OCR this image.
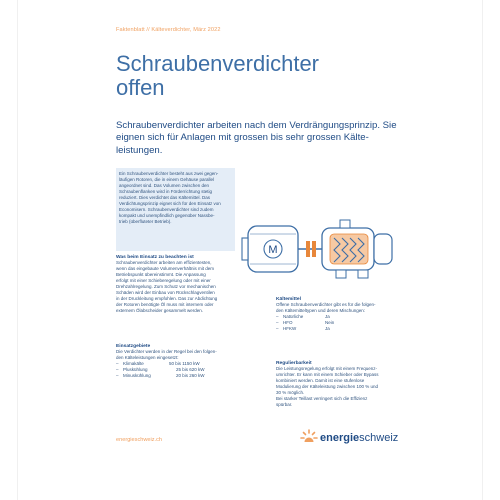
Faktenblatt // Kälteverdichter, März 2022
Schraubenverdichter
offen
Schraubenverdichter arbeiten nach dem Verdrängungsprinzip. Sie eignen sich für Anlagen mit grossen bis sehr grossen Kälte-leistungen.
Ein Schraubenverdichter besteht aus zwei gegen-
läufigen Rotoren, die in einem Gehäuse parallel
angeordnet sind. Das Volumen zwischen den
Schraubenflanken wird in Förderrichtung stetig
reduziert. Dies verdichtet das Kältemittel. Das
Verdichtungsprinzip eignet sich für den Einsatz von
Economisern. Schraubenverdichter sind zudem
kompakt und unempfindlich gegenüber Nassbe-
trieb (überfluteter Betrieb).
M
Was beim Einsatz zu beachten ist
Schraubenverdichter arbeiten am effizientesten,
wenn das eingebaute Volumenverhältnis mit dem
Betriebspunkt übereinstimmt. Die Anpassung
erfolgt mit einer Schieberegelung oder mit einer
Drehzahlregelung. Zum Schutz vor mechanischen
Schäden wird der Einbau von Rückschlagventilen
in der Druckleitung empfohlen. Das zur Abdichtung
der Rotoren benötigte Öl muss mit internem oder
externem Ölabscheider gesammelt werden.
Einsatzgebiete
Die Verdichter werden in der Regel bei den folgen-
den Kälteleistungen eingesetzt:
– Klimakälte	50 bis 1150 kW
– Pluskühlung	25 bis 620 kW
– Minuskühlung	20 bis 260 kW
Kältemittel
Offene Schraubenverdichter gibt es für die folgen-
den Kältemitteltypen und deren Mischungen:
– Natürliche	Ja
– HFO	Nein
– HFKW	Ja
Regulierbarkeit
Die Leistungsregelung erfolgt mit einem Frequenz-
umrichter. Er kann mit einem Schieber oder Bypass
kombiniert werden. Damit ist eine stufenlose
Modulierung der Kälteleistung zwischen 100 % und
30 % möglich.
Bei starker Teillast verringert sich die Effizienz
spürbar.
energieschweiz.ch	energieschweiz
